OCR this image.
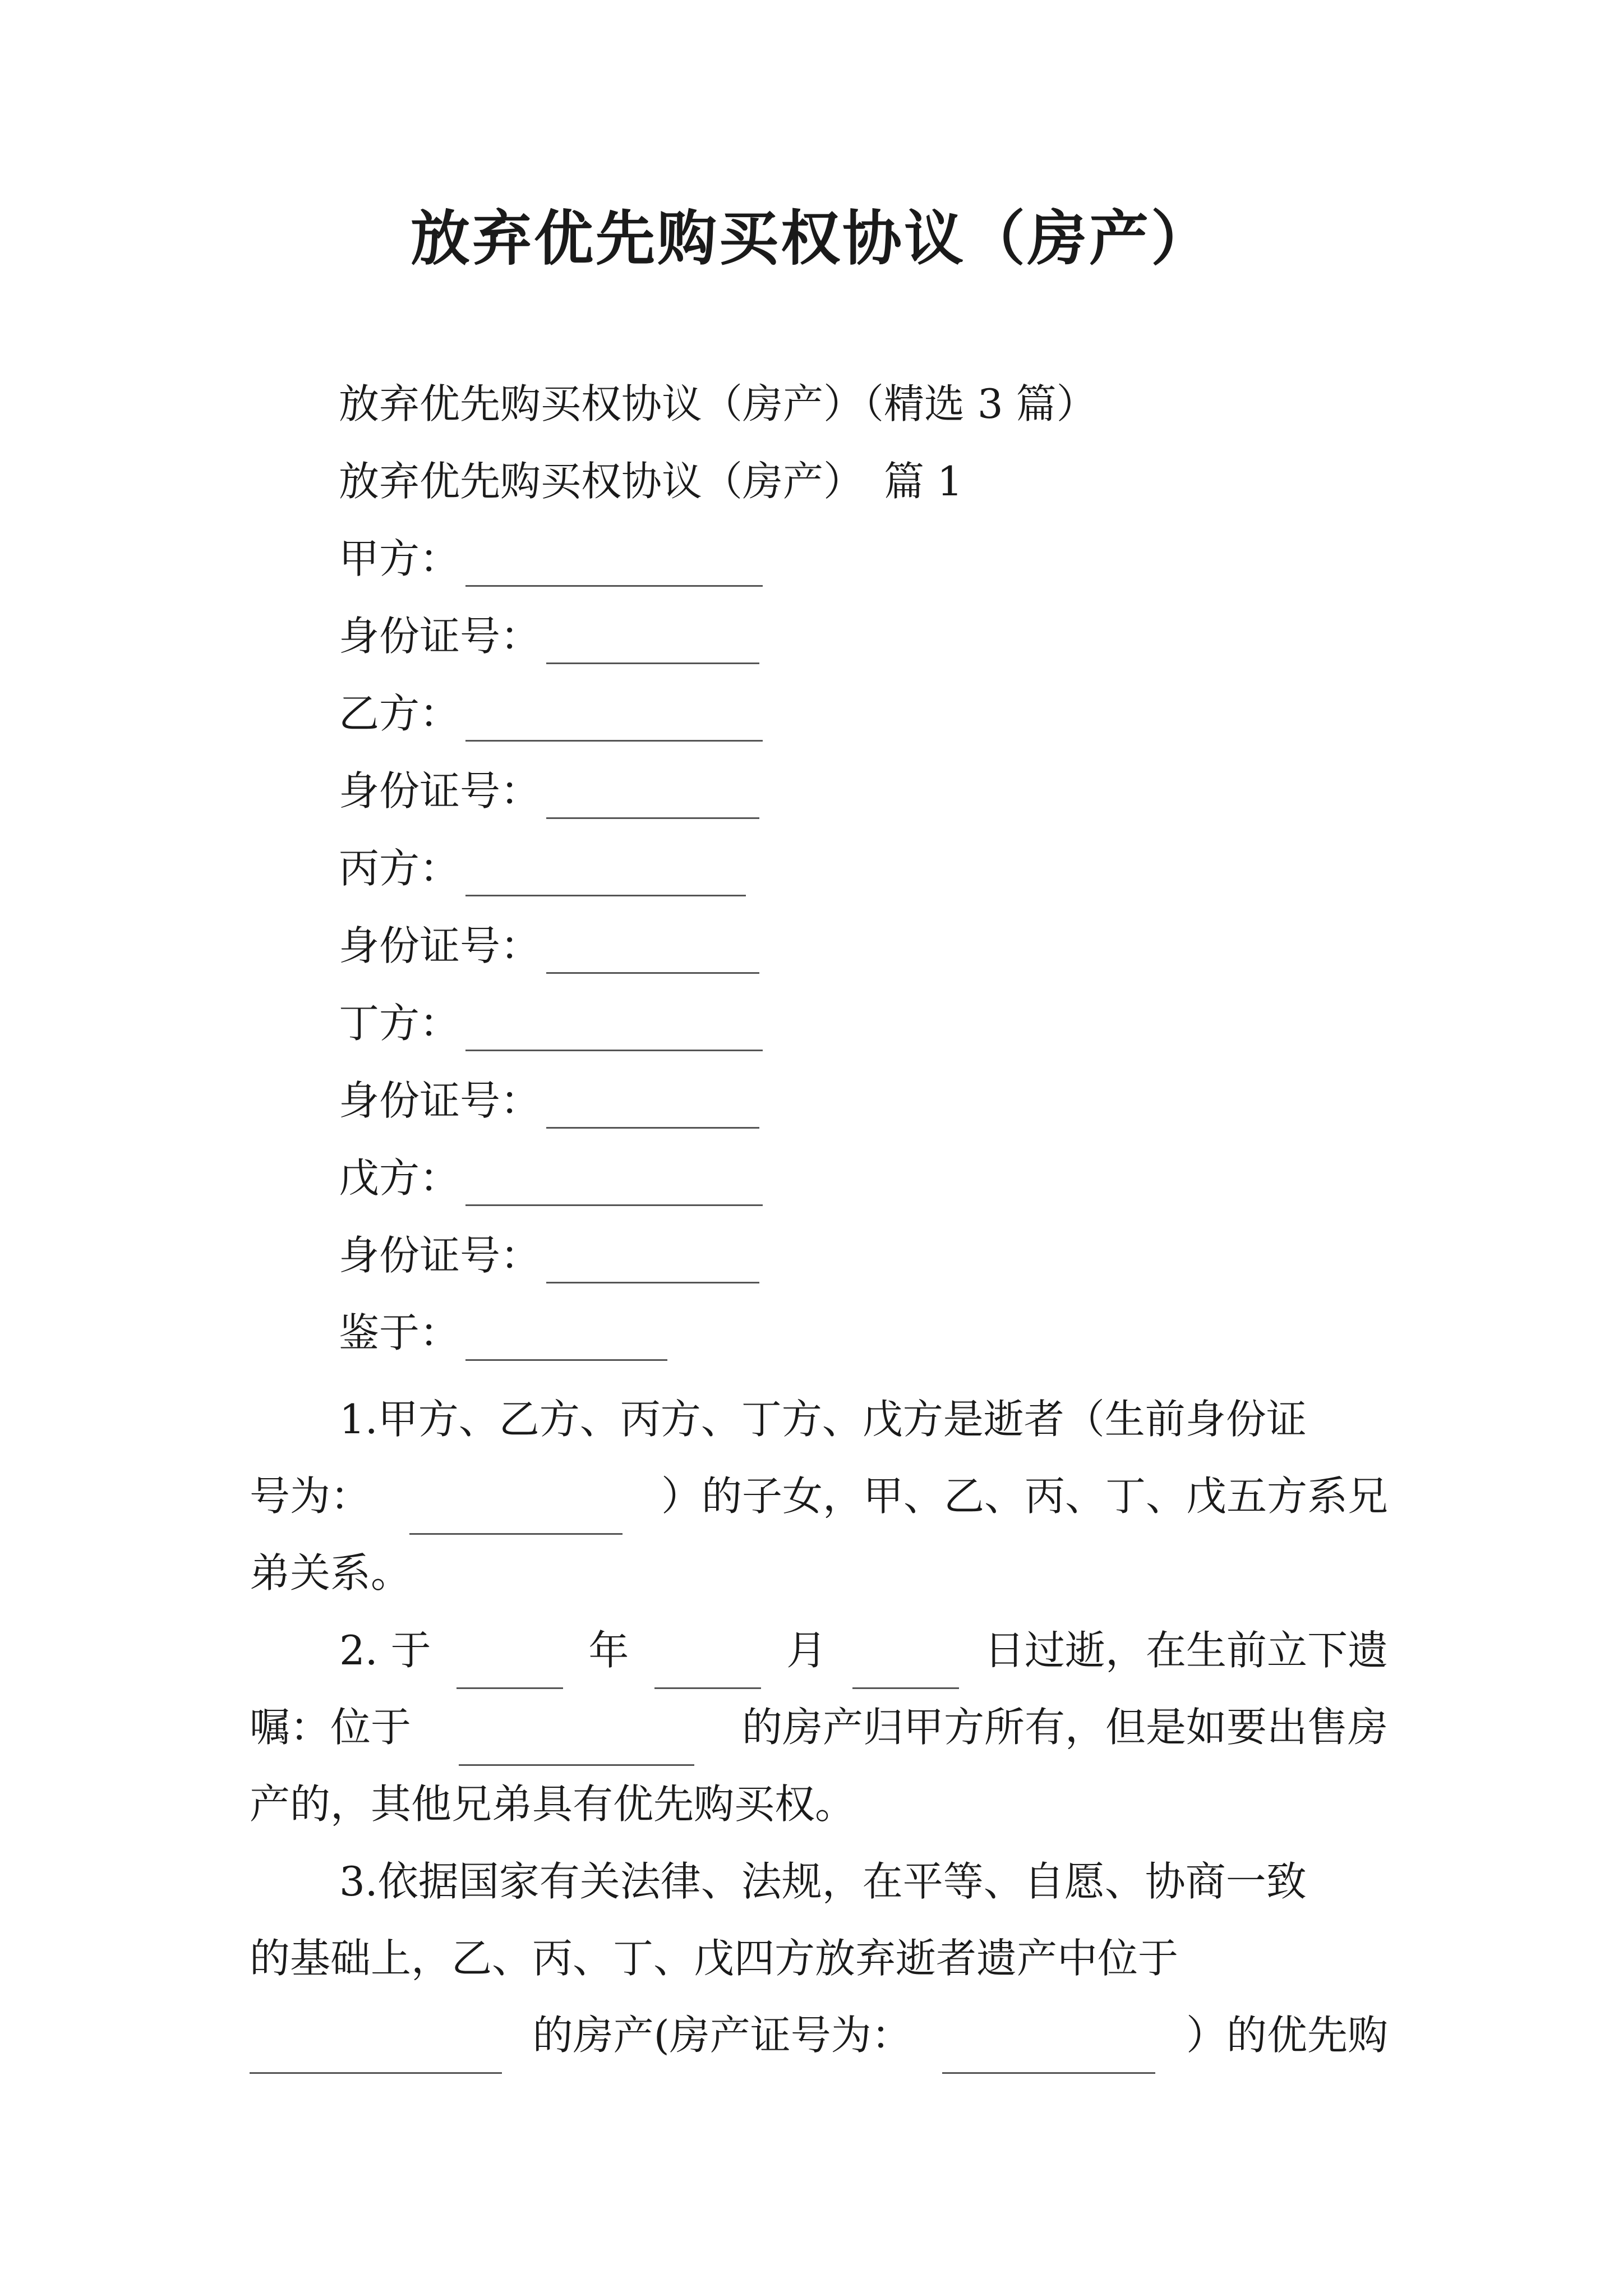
放弃优先购买权协议（房产）
放弃优先购买权协议（房产）（精选 3 篇）
放弃优先购买权协议（房产）　篇 1
甲方：
身份证号：
乙方：
身份证号：
丙方：
身份证号：
丁方：
身份证号：
戊方：
身份证号：
鉴于：
1.甲方、乙方、丙方、丁方、戊方是逝者（生前身份证
号为：	）的子女，甲、乙、丙、丁、戊五方系兄
弟关系。
2. 于	年	月	日过逝，在生前立下遗
嘱：位于	的房产归甲方所有，但是如要出售房
产的，其他兄弟具有优先购买权。
3.依据国家有关法律、法规，在平等、自愿、协商一致
的基础上，乙、丙、丁、戊四方放弃逝者遗产中位于
的房产(房产证号为：	）的优先购
